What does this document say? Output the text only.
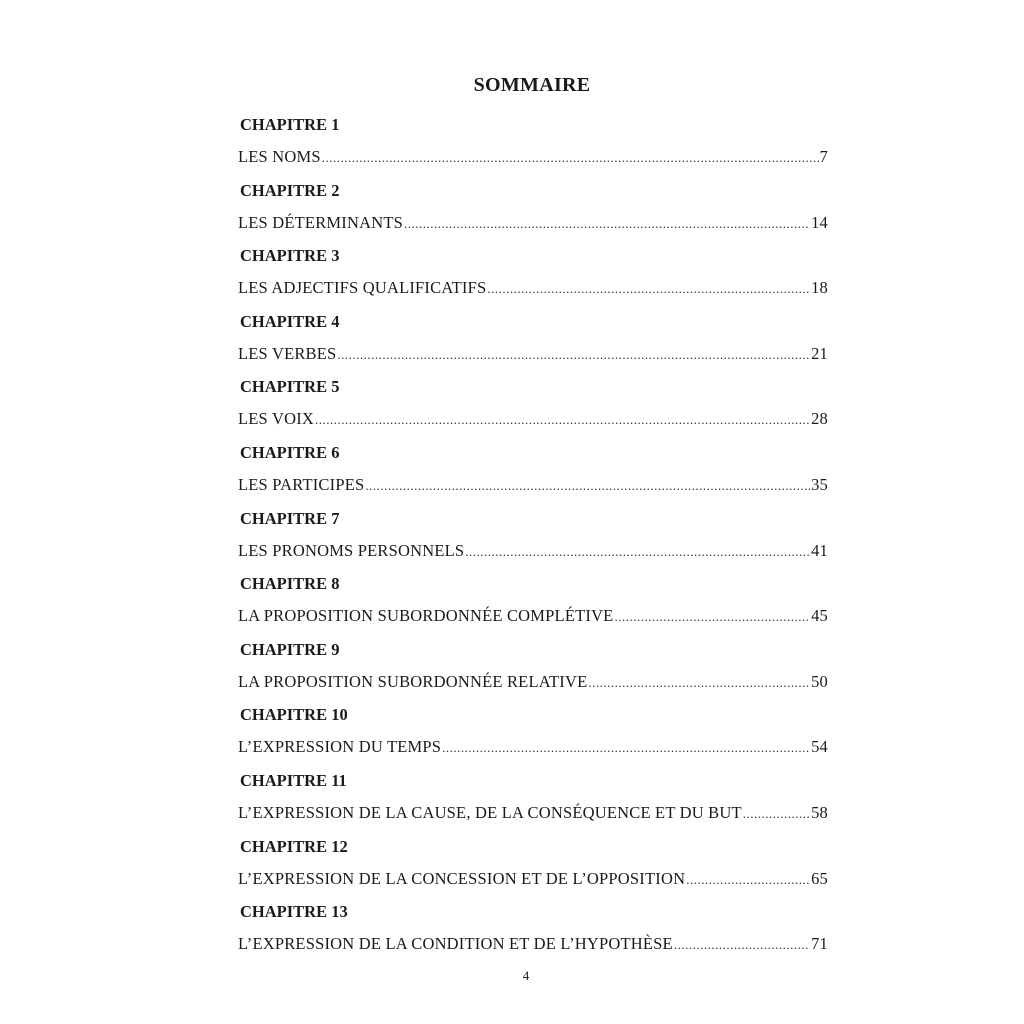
SOMMAIRE
CHAPITRE 1
LES NOMS .....	7
CHAPITRE 2
LES DÉTERMINANTS .....	14
CHAPITRE 3
LES ADJECTIFS QUALIFICATIFS .....	18
CHAPITRE 4
LES VERBES .....	21
CHAPITRE 5
LES VOIX .....	28
CHAPITRE 6
LES PARTICIPES .....	35
CHAPITRE 7
LES PRONOMS PERSONNELS .....	41
CHAPITRE 8
LA PROPOSITION SUBORDONNÉE COMPLÉTIVE .....	45
CHAPITRE 9
LA PROPOSITION SUBORDONNÉE RELATIVE .....	50
CHAPITRE 10
L’EXPRESSION DU TEMPS .....	54
CHAPITRE 11
L’EXPRESSION DE LA CAUSE, DE LA CONSÉQUENCE ET DU BUT .....	58
CHAPITRE 12
L’EXPRESSION DE LA CONCESSION ET DE L’OPPOSITION .....	65
CHAPITRE 13
L’EXPRESSION DE LA CONDITION ET DE L’HYPOTHÈSE .....	71
4
